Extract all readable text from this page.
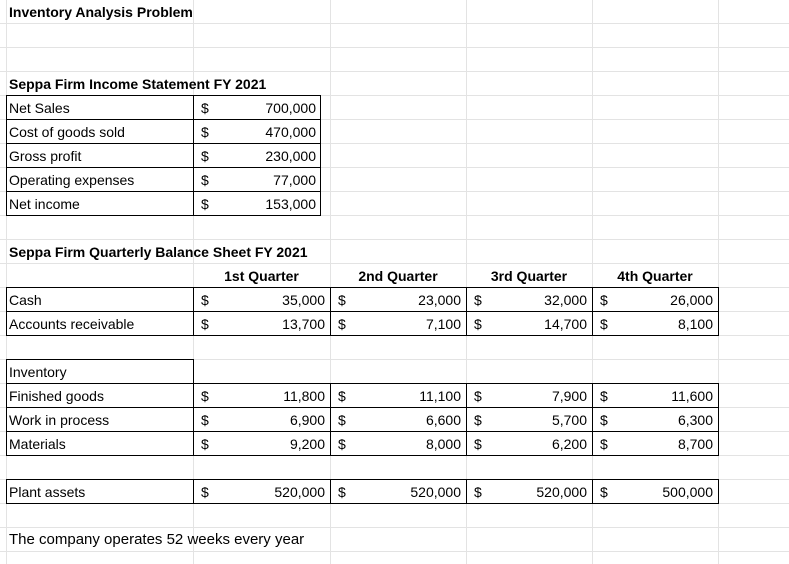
Inventory Analysis Problem
Seppa Firm Income Statement FY 2021
Net Sales	$	700,000
Cost of goods sold	$	470,000
Gross profit	$	230,000
Operating expenses	$	77,000
Net income	$	153,000
Seppa Firm Quarterly Balance Sheet FY 2021
1st Quarter	2nd Quarter	3rd Quarter	4th Quarter
Cash	$	35,000 $	23,000 $	32,000 $	26,000
Accounts receivable	$	13,700 $	7,100 $	14,700 $	8,100
Inventory
Finished goods	$	11,800 $	11,100 $	7,900 $	11,600
Work in process	$	6,900 $	6,600 $	5,700 $	6,300
Materials	$	9,200 $	8,000 $	6,200 $	8,700
Plant assets	$	520,000 $	520,000 $	520,000 $	500,000
The company operates 52 weeks every year
